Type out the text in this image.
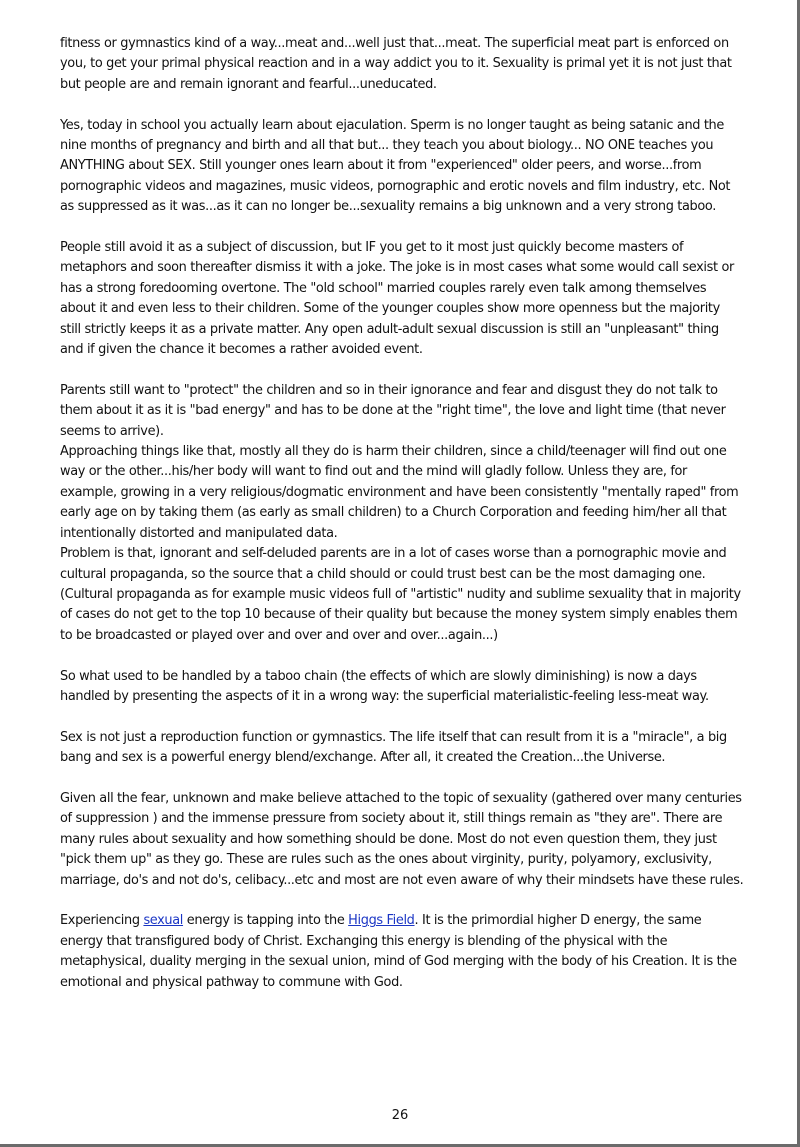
fitness or gymnastics kind of a way...meat and...well just that...meat. The superficial meat part is enforced on you, to get your primal physical reaction and in a way addict you to it. Sexuality is primal yet it is not just that but people are and remain ignorant and fearful...uneducated.

Yes, today in school you actually learn about ejaculation. Sperm is no longer taught as being satanic and the nine months of pregnancy and birth and all that but... they teach you about biology... NO ONE teaches you ANYTHING about SEX. Still younger ones learn about it from "experienced" older peers, and worse...from pornographic videos and magazines, music videos, pornographic and erotic novels and film industry, etc. Not as suppressed as it was...as it can no longer be...sexuality remains a big unknown and a very strong taboo.

People still avoid it as a subject of discussion, but IF you get to it most just quickly become masters of metaphors and soon thereafter dismiss it with a joke. The joke is in most cases what some would call sexist or has a strong foredooming overtone. The "old school" married couples rarely even talk among themselves about it and even less to their children. Some of the younger couples show more openness but the majority still strictly keeps it as a private matter. Any open adult-adult sexual discussion is still an "unpleasant" thing and if given the chance it becomes a rather avoided event.

Parents still want to "protect" the children and so in their ignorance and fear and disgust they do not talk to them about it as it is "bad energy" and has to be done at the "right time", the love and light time (that never seems to arrive).

Approaching things like that, mostly all they do is harm their children, since a child/teenager will find out one way or the other...his/her body will want to find out and the mind will gladly follow. Unless they are, for example, growing in a very religious/dogmatic environment and have been consistently "mentally raped" from early age on by taking them (as early as small children) to a Church Corporation and feeding him/her all that intentionally distorted and manipulated data.

Problem is that, ignorant and self-deluded parents are in a lot of cases worse than a pornographic movie and cultural propaganda, so the source that a child should or could trust best can be the most damaging one. (Cultural propaganda as for example music videos full of "artistic" nudity and sublime sexuality that in majority of cases do not get to the top 10 because of their quality but because the money system simply enables them to be broadcasted or played over and over and over and over...again...)

So what used to be handled by a taboo chain (the effects of which are slowly diminishing) is now a days handled by presenting the aspects of it in a wrong way: the superficial materialistic-feeling less-meat way.

Sex is not just a reproduction function or gymnastics. The life itself that can result from it is a "miracle", a big bang and sex is a powerful energy blend/exchange. After all, it created the Creation...the Universe.

Given all the fear, unknown and make believe attached to the topic of sexuality (gathered over many centuries of suppression ) and the immense pressure from society about it, still things remain as "they are". There are many rules about sexuality and how something should be done. Most do not even question them, they just "pick them up" as they go. These are rules such as the ones about virginity, purity, polyamory, exclusivity, marriage, do's and not do's, celibacy...etc and most are not even aware of why their mindsets have these rules.

Experiencing sexual energy is tapping into the Higgs Field. It is the primordial higher D energy, the same energy that transfigured body of Christ. Exchanging this energy is blending of the physical with the metaphysical, duality merging in the sexual union, mind of God merging with the body of his Creation. It is the emotional and physical pathway to commune with God.

26
